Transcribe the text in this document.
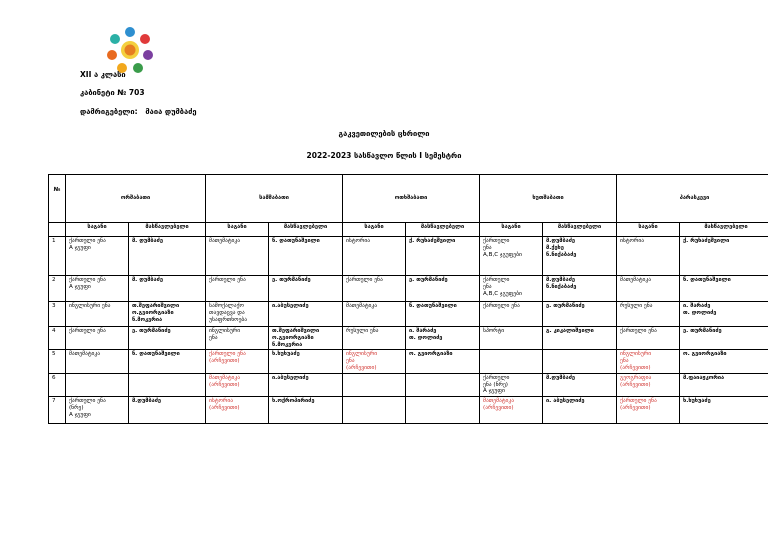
XII ა კლასი
კაბინეტი № 703
დამრიგებელი: მაია დუმბაძე
გაკვეთილების ცხრილი
2022-2023 სასწავლო წლის I სემესტრი
№	ორშაბათი		სამშაბათი		ოთხშაბათი		ხუთშაბათი		პარასკევი	
	საგანი	მასწავლებელი	საგანი	მასწავლებელი	საგანი	მასწავლებელი	საგანი	მასწავლებელი	საგანი	მასწავლებელი
1	ქართული ენა
A ჯგუფი	მ. დუმბაძე	მათემატიკა	ნ. დათუნაშვილი	ისტორია	ქ. რუხაძეშვილი	ქართული
ენა
A,B,C ჯგუფები	მ.დუმბაძე
მ.ქეხე
ნ.ნიქაბაძე	ისტორია	ქ. რუხაძეშვილი

2	ქართული ენა
A ჯგუფი	მ. დუმბაძე	ქართული ენა	ე. თურმანიძე	ქართული ენა	ე. თურმანიძე	ქართული
ენა
A,B,C ჯგუფები	მ.დუმბაძე
ნ.ნიქაბაძე	მათემატიკა	ნ. დათუნაშვილი

3	ინგლისური ენა	თ.შეფარიშვილი
ო.გვიორგიაზი
ნ.მოკვრია	სამოქალაქო
თავდაცვა და
უსაფრთხოება	ი.აბუსელიძე	მათემატიკა	ნ. დათუნაშვილი	ქართული ენა	ე. თურმანიძე	რუსული ენა	ი. შარაძე
თ. დოლიძე

4	ქართული ენა	ე. თურმანიძე	ინგლისური
ენა	თ.შეფარიშვილი
ო.გვიორგიაზი
ნ.მოკვრია	რუსული ენა	ი. შარაძე
თ. დოლიძე	სპორტი	გ. კიკალიშვილი	ქართული ენა	ე. თურმანიძე

5	მათემატიკა	ნ. დათუნაშვილი	ქართული ენა
(არჩევითი)	ხ.ხუხუაძე	ინგლისური
ენა
(არჩევითი)	ო. გვიორგიაზი			ინგლისური
ენა
(არჩევითი)	ო. გვიორგიაზი

6			მათემატიკა
(არჩევითი)	ი.აბუსელიძე			ქართული
ენა (ნრე)
A ჯგუფი	მ.დუმბაძე	გეოგრაფია
(არჩევითი)	მ.ფაიაჟკორია

7	ქართული ენა
(ნრე)
A ჯგუფი	მ.დუმბაძე	ისტორია
(არჩევითი)	ხ.ოქროპირიძე			მათემატიკა
(არჩევითი)	ი. აბუსელიძე	ქართული ენა
(არჩევითი)	ხ.ხუხუაძე
